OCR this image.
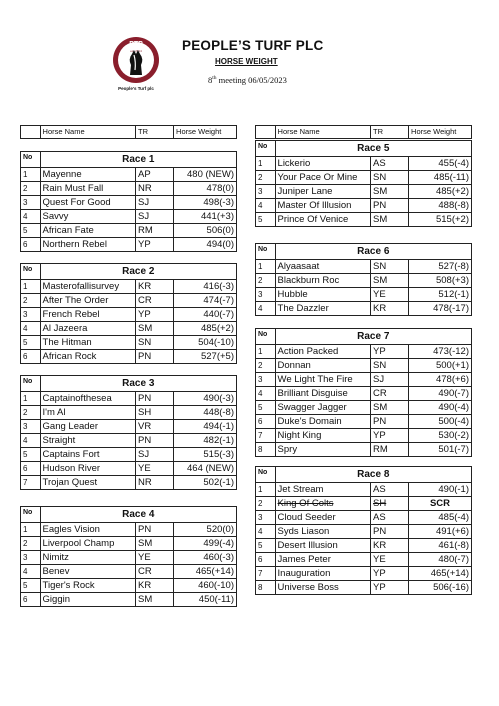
PTP
est 2014
People's Turf plc
PEOPLE’S TURF PLC
HORSE WEIGHT
8th meeting 06/05/2023
	Horse Name	TR	Horse Weight
		Horse Name	TR	Horse Weight
No	Race 1		
1	Mayenne	AP	480 (NEW)
2	Rain Must Fall	NR	478(0)
3	Quest For Good	SJ	498(-3)
4	Savvy	SJ	441(+3)
5	African Fate	RM	506(0)
6	Northern Rebel	YP	494(0)
No	Race 2		
1	Masterofallisurvey	KR	416(-3)
2	After The Order	CR	474(-7)
3	French Rebel	YP	440(-7)
4	Al Jazeera	SM	485(+2)
5	The Hitman	SN	504(-10)
6	African Rock	PN	527(+5)
No	Race 3		
1	Captainofthesea	PN	490(-3)
2	I'm Al	SH	448(-8)
3	Gang Leader	VR	494(-1)
4	Straight	PN	482(-1)
5	Captains Fort	SJ	515(-3)
6	Hudson River	YE	464 (NEW)
7	Trojan Quest	NR	502(-1)
No	Race 4		
1	Eagles Vision	PN	520(0)
2	Liverpool Champ	SM	499(-4)
3	Nimitz	YE	460(-3)
4	Benev	CR	465(+14)
5	Tiger's Rock	KR	460(-10)
6	Giggin	SM	450(-11)
No	Race 5		
1	Lickerio	AS	455(-4)
2	Your Pace Or Mine	SN	485(-11)
3	Juniper Lane	SM	485(+2)
4	Master Of Illusion	PN	488(-8)
5	Prince Of Venice	SM	515(+2)
No	Race 6		
1	Alyaasaat	SN	527(-8)
2	Blackburn Roc	SM	508(+3)
3	Hubble	YE	512(-1)
4	The Dazzler	KR	478(-17)
No	Race 7		
1	Action Packed	YP	473(-12)
2	Donnan	SN	500(+1)
3	We Light The Fire	SJ	478(+6)
4	Brilliant Disguise	CR	490(-7)
5	Swagger Jagger	SM	490(-4)
6	Duke's Domain	PN	500(-4)
7	Night King	YP	530(-2)
8	Spry	RM	501(-7)
No	Race 8		
1	Jet Stream	AS	490(-1)
2	King Of Colts	SH	SCR
3	Cloud Seeder	AS	485(-4)
4	Syds Liason	PN	491(+6)
5	Desert Illusion	KR	461(-8)
6	James Peter	YE	480(-7)
7	Inauguration	YP	465(+14)
8	Universe Boss	YP	506(-16)
